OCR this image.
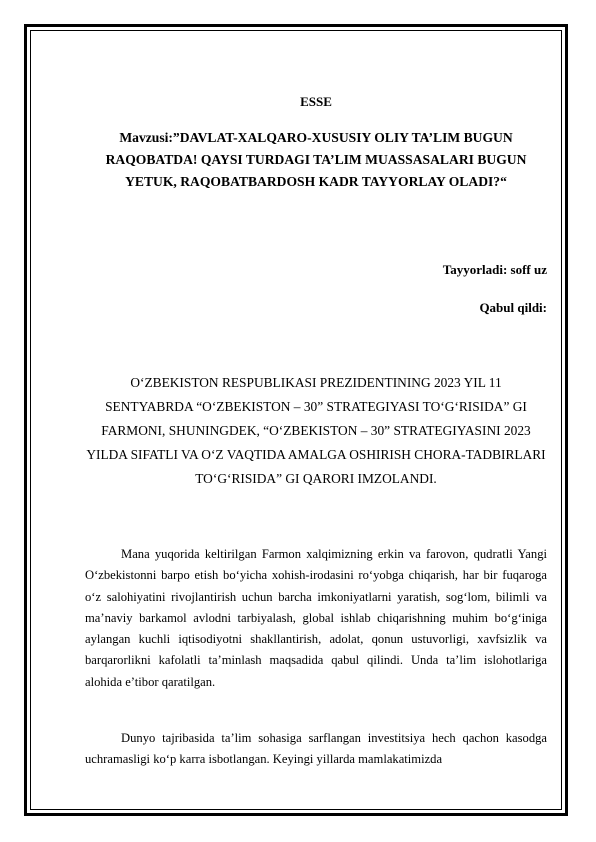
ESSE

Mavzusi:”DAVLAT-XALQARO-XUSUSIY OLIY TA’LIM BUGUN RAQOBATDA! QAYSI TURDAGI TA’LIM MUASSASALARI BUGUN YETUK, RAQOBATBARDOSH KADR TAYYORLAY OLADI?“

Tayyorladi: soff uz

Qabul qildi:

O‘ZBEKISTON RESPUBLIKASI PREZIDENTINING 2023 YIL 11 SENTYABRDA “O‘ZBEKISTON – 30” STRATEGIYASI TO‘G‘RISIDA” GI FARMONI, SHUNINGDEK, “O‘ZBEKISTON – 30” STRATEGIYASINI 2023 YILDA SIFATLI VA O‘Z VAQTIDA AMALGA OSHIRISH CHORA-TADBIRLARI TO‘G‘RISIDA” GI QARORI IMZOLANDI.

Mana yuqorida keltirilgan Farmon xalqimizning erkin va farovon, qudratli Yangi O‘zbekistonni barpo etish bo‘yicha xohish-irodasini ro‘yobga chiqarish, har bir fuqaroga o‘z salohiyatini rivojlantirish uchun barcha imkoniyatlarni yaratish, sog‘lom, bilimli va ma’naviy barkamol avlodni tarbiyalash, global ishlab chiqarishning muhim bo‘g‘iniga aylangan kuchli iqtisodiyotni shakllantirish, adolat, qonun ustuvorligi, xavfsizlik va barqarorlikni kafolatli ta’minlash maqsadida qabul qilindi. Unda ta’lim islohotlariga alohida e’tibor qaratilgan.

Dunyo tajribasida ta’lim sohasiga sarflangan investitsiya hech qachon kasodga uchramasligi ko‘p karra isbotlangan. Keyingi yillarda mamlakatimizda
